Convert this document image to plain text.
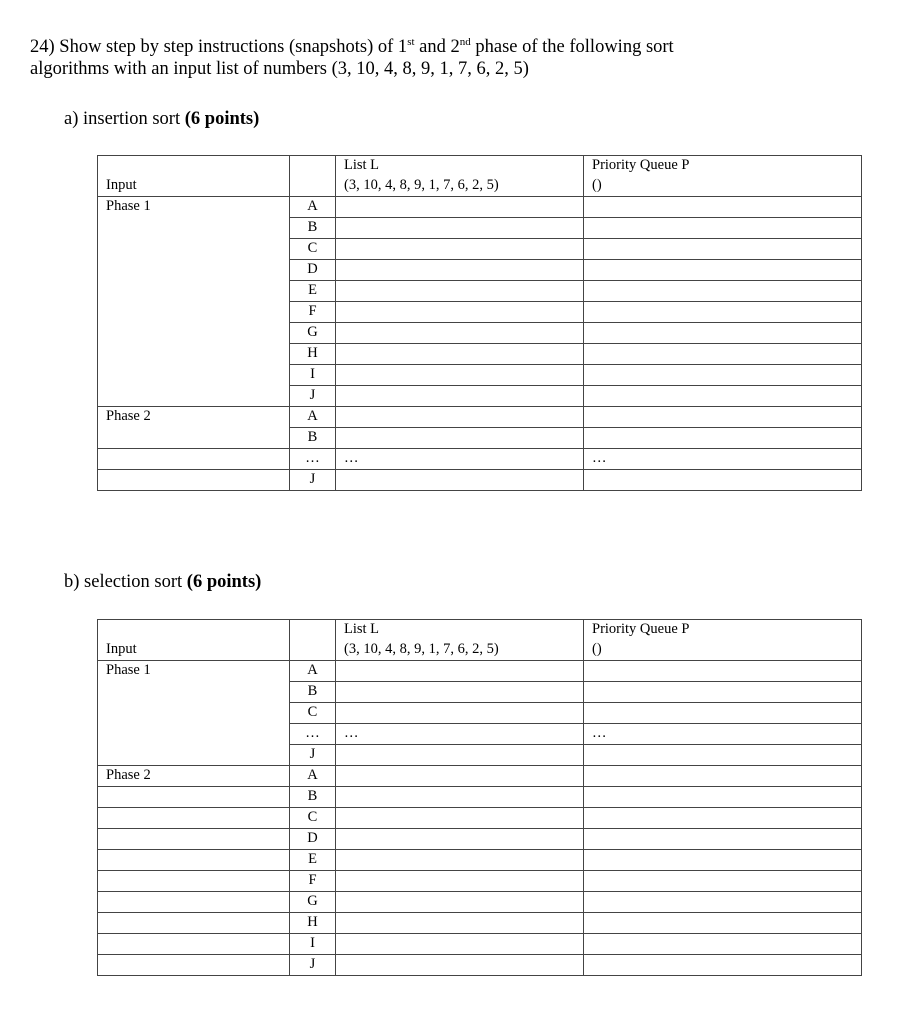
24) Show step by step instructions (snapshots) of 1st and 2nd phase of the following sort
algorithms with an input list of numbers (3, 10, 4, 8, 9, 1, 7, 6, 2, 5)
a) insertion sort (6 points)
		List L	Priority Queue P
Input		(3, 10, 4, 8, 9, 1, 7, 6, 2, 5)	()
Phase 1	A		
	B		
	C		
	D		
	E		
	F		
	G		
	H		
	I		
	J		
Phase 2	A		
	B		
	…	…	…
	J		
b) selection sort (6 points)
		List L	Priority Queue P
Input		(3, 10, 4, 8, 9, 1, 7, 6, 2, 5)	()
Phase 1	A		
	B		
	C		
	…	…	…
	J		
Phase 2	A		
	B		
	C		
	D		
	E		
	F		
	G		
	H		
	I		
	J		
